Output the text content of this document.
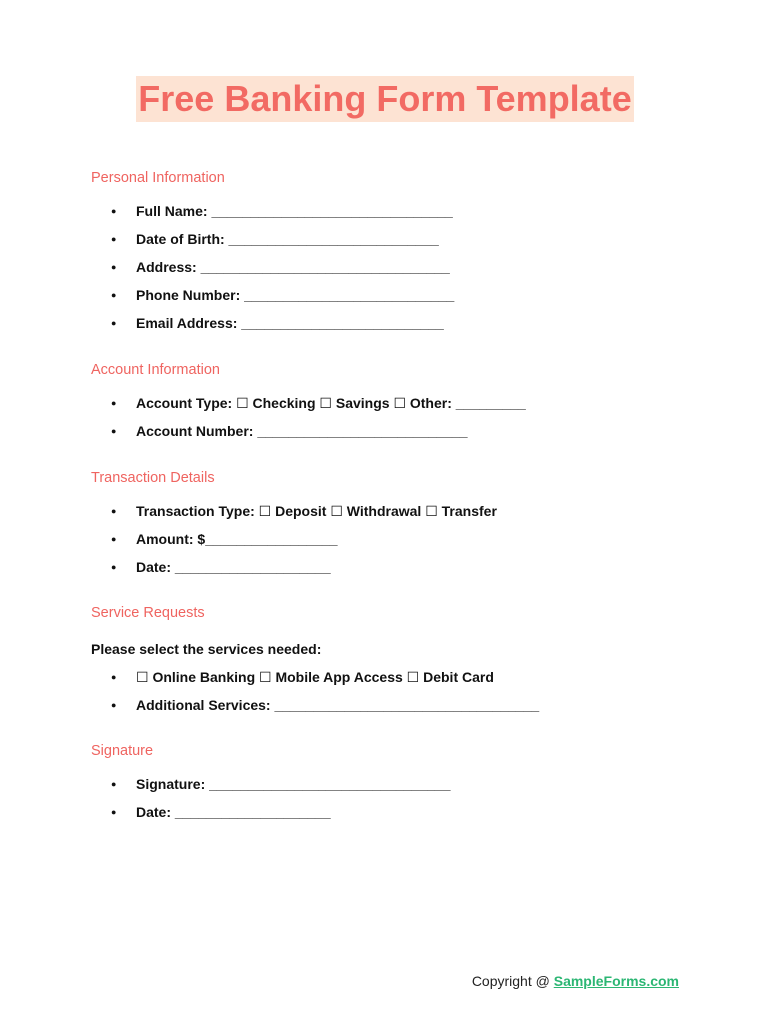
Free Banking Form Template
Personal Information
● Full Name: _______________________________
● Date of Birth: ___________________________
● Address: ________________________________
● Phone Number: ___________________________
● Email Address: __________________________
Account Information
● Account Type: ☐ Checking ☐ Savings ☐ Other: _________
● Account Number: ___________________________
Transaction Details
● Transaction Type: ☐ Deposit ☐ Withdrawal ☐ Transfer
● Amount: $_________________
● Date: ____________________
Service Requests

Please select the services needed:

● ☐ Online Banking ☐ Mobile App Access ☐ Debit Card
● Additional Services: __________________________________
Signature
● Signature: _______________________________
● Date: ____________________
Copyright @ SampleForms.com
